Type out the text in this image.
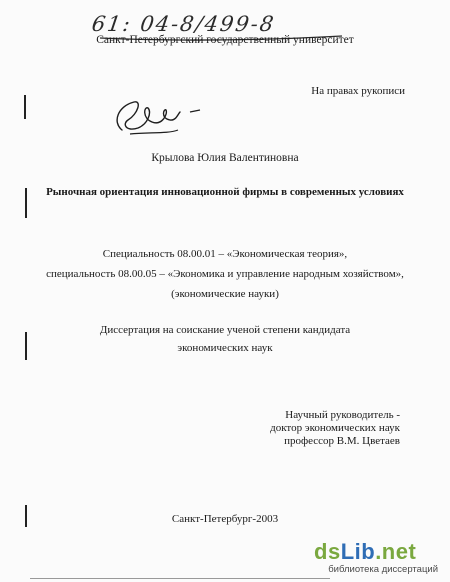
61: 04-8/499-8
Санкт-Петербургский государственный университет
На правах рукописи
Крылова Юлия Валентиновна
Рыночная ориентация инновационной фирмы в современных условиях
Специальность 08.00.01 – «Экономическая теория»,
специальность 08.00.05 – «Экономика и управление народным хозяйством»,
(экономические науки)
Диссертация на соискание ученой степени кандидата
экономических наук
Научный руководитель -
доктор экономических наук
профессор В.М. Цветаев
Санкт-Петербург-2003
dsLib.net
библиотека диссертаций
